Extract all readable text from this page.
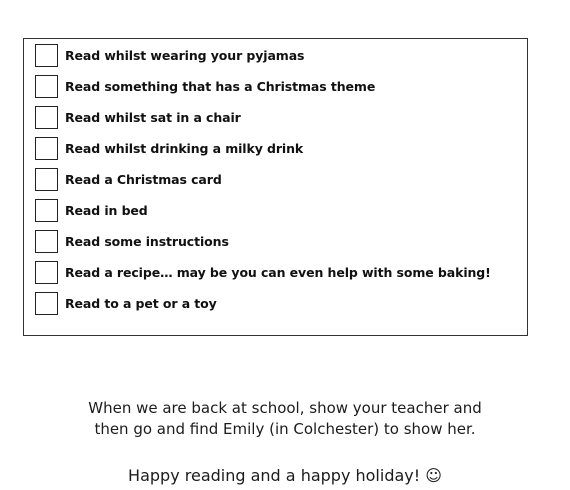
Read whilst wearing your pyjamas
Read something that has a Christmas theme
Read whilst sat in a chair
Read whilst drinking a milky drink
Read a Christmas card
Read in bed
Read some instructions
Read a recipe… may be you can even help with some baking!
Read to a pet or a toy
When we are back at school, show your teacher and
then go and find Emily (in Colchester) to show her.
Happy reading and a happy holiday! ☺
